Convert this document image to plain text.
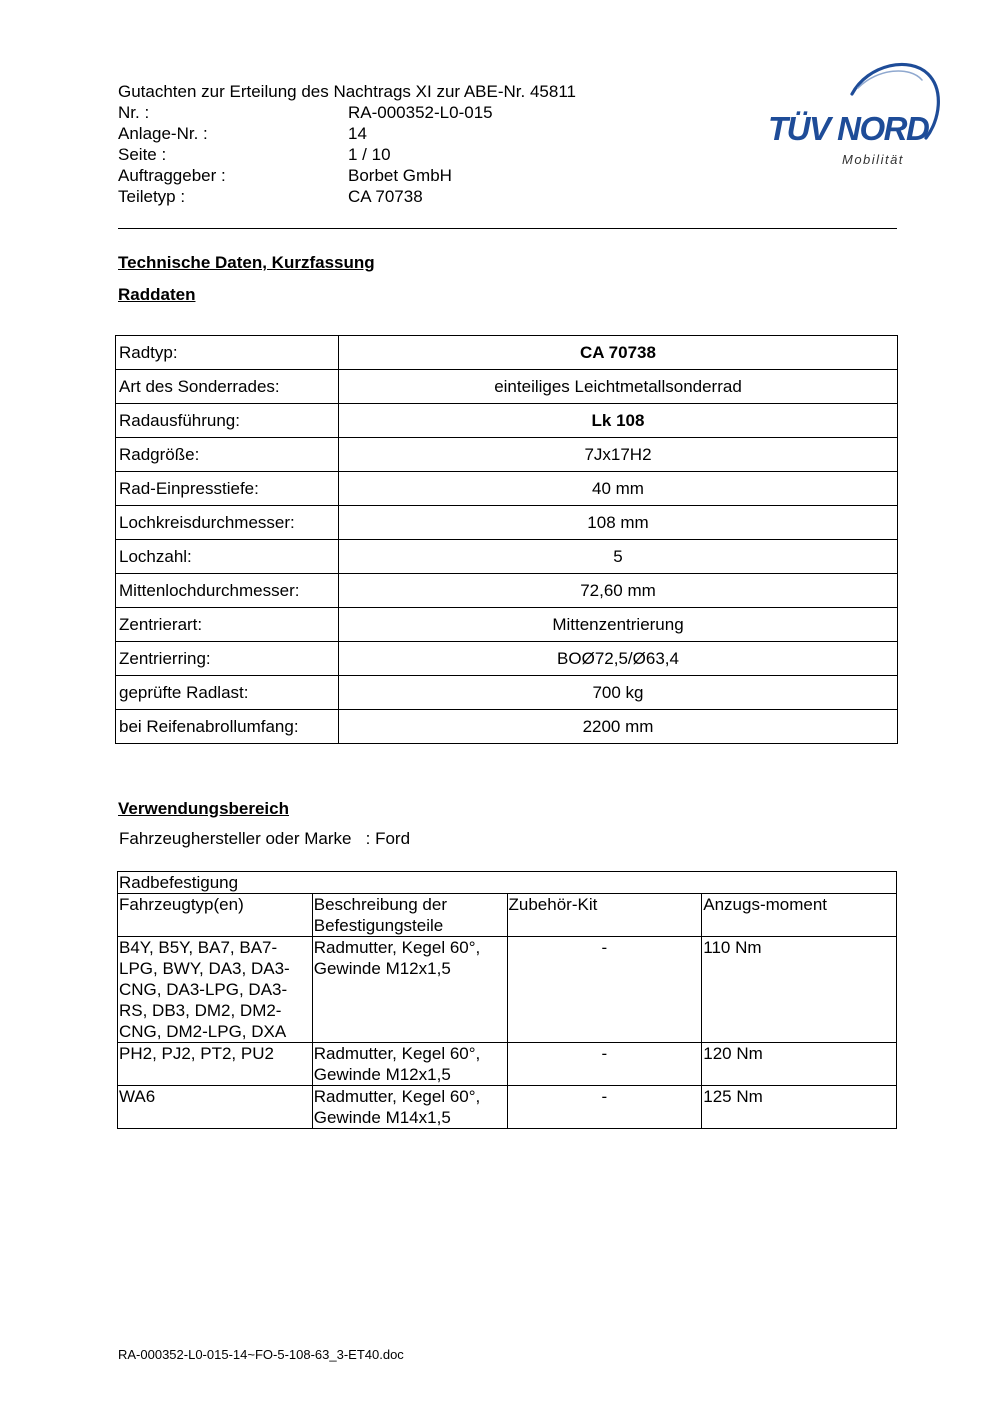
Gutachten zur Erteilung des Nachtrags XI zur ABE-Nr. 45811
Nr. :	RA-000352-L0-015
Anlage-Nr. :	14
Seite :	1 / 10
Auftraggeber :	Borbet GmbH
Teiletyp :	CA 70738
TÜV NORD
Mobilität
Technische Daten, Kurzfassung
Raddaten
Radtyp:	CA 70738
Art des Sonderrades:	einteiliges Leichtmetallsonderrad
Radausführung:	Lk 108
Radgröße:	7Jx17H2
Rad-Einpresstiefe:	40 mm
Lochkreisdurchmesser:	108 mm
Lochzahl:	5
Mittenlochdurchmesser:	72,60 mm
Zentrierart:	Mittenzentrierung
Zentrierring:	BOØ72,5/Ø63,4
geprüfte Radlast:	700 kg
bei Reifenabrollumfang:	2200 mm
Verwendungsbereich
Fahrzeughersteller oder Marke : Ford
Radbefestigung			
Fahrzeugtyp(en)	Beschreibung der Befestigungsteile	Zubehör-Kit	Anzugs-moment
B4Y, B5Y, BA7, BA7-LPG, BWY, DA3, DA3-CNG, DA3-LPG, DA3-RS, DB3, DM2, DM2-CNG, DM2-LPG, DXA	Radmutter, Kegel 60°, Gewinde M12x1,5	-	110 Nm
PH2, PJ2, PT2, PU2	Radmutter, Kegel 60°, Gewinde M12x1,5	-	120 Nm
WA6	Radmutter, Kegel 60°, Gewinde M14x1,5	-	125 Nm
RA-000352-L0-015-14~FO-5-108-63_3-ET40.doc
